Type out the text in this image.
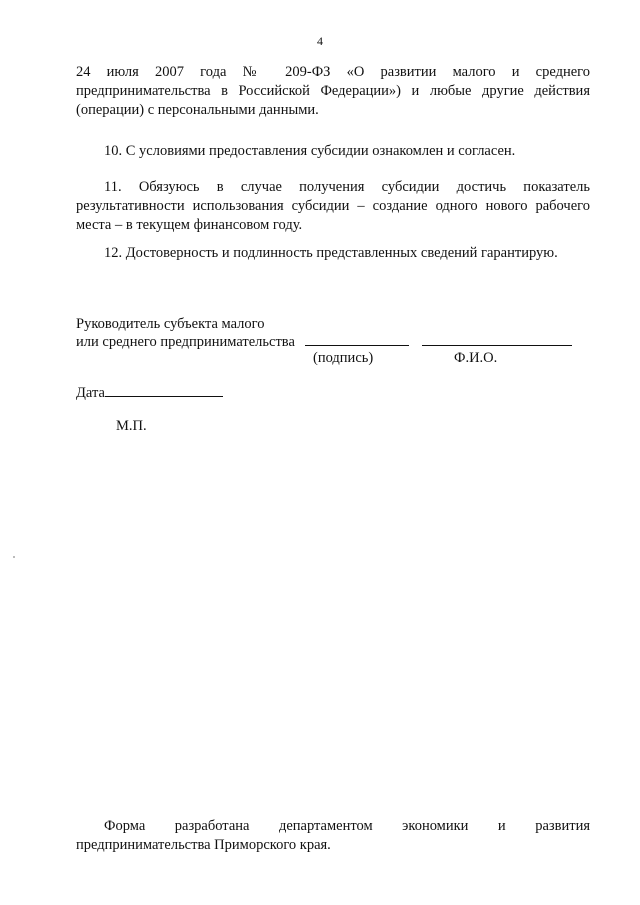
4
24 июля 2007 года № 209-ФЗ «О развитии малого и среднего
предпринимательства в Российской Федерации») и любые другие действия
(операции) с персональными данными.
10. С условиями предоставления субсидии ознакомлен и согласен.
11. Обязуюсь в случае получения субсидии достичь показатель
результативности использования субсидии – создание одного нового рабочего
места – в текущем финансовом году.
12. Достоверность и подлинность представленных сведений гарантирую.
Руководитель субъекта малого
или среднего предпринимательства
(подпись)	Ф.И.О.
Дата
М.П.
Форма разработана департаментом экономики и развития
предпринимательства Приморского края.
